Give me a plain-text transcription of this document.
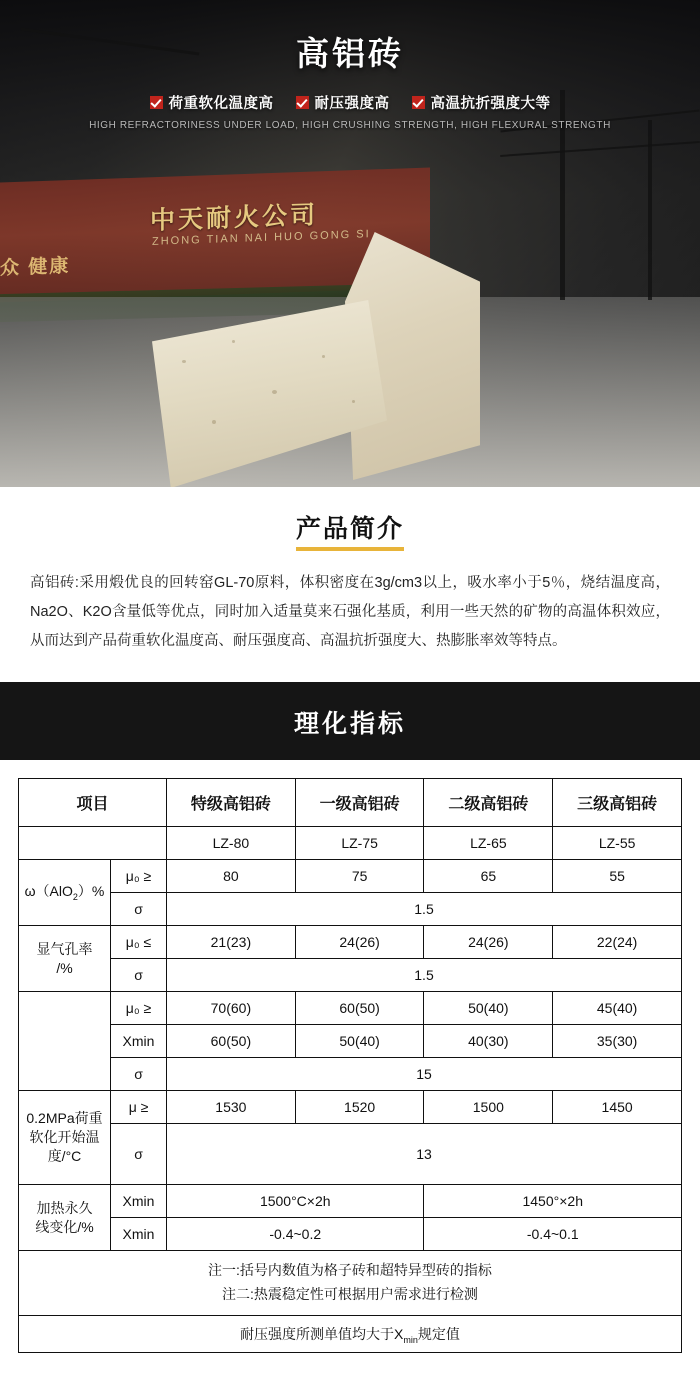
中天耐火公司
ZHONG TIAN NAI HUO GONG SI
众 健康
高铝砖
荷重软化温度高	耐压强度高	高温抗折强度大等
HIGH REFRACTORINESS UNDER LOAD, HIGH CRUSHING STRENGTH, HIGH FLEXURAL STRENGTH
产品简介

高铝砖:采用煅优良的回转窑GL-70原料，体积密度在3g/cm3以上，吸水率小于5％，烧结温度高，Na2O、K2O含量低等优点，同时加入适量莫来石强化基质，利用一些天然的矿物的高温体积效应，从而达到产品荷重软化温度高、耐压强度高、高温抗折强度大、热膨胀率效等特点。

理化指标
项目		特级高铝砖	一级高铝砖	二级高铝砖	三级高铝砖
		LZ-80	LZ-75	LZ-65	LZ-55
ω（AlO$_2$）%	μ₀ ≥	80	75	65	55
	σ	1.5			
显气孔率
/%	μ₀ ≤	21(23)	24(26)	24(26)	22(24)
	σ	1.5			
	μ₀ ≥	70(60)	60(50)	50(40)	45(40)
	Xmin	60(50)	50(40)	40(30)	35(30)
	σ	15			
0.2MPa荷重
软化开始温
度/°C	μ ≥	1530	1520	1500	1450
	σ	13			
加热永久
线变化/%	Xmin	1500°C×2h		1450°×2h	
	Xmin	-0.4~0.2		-0.4~0.1	

注一:括号内数值为格子砖和超特异型砖的指标
注二:热震稳定性可根据用户需求进行检测					

耐压强度所测单值均大于$X_{min}$规定值					
